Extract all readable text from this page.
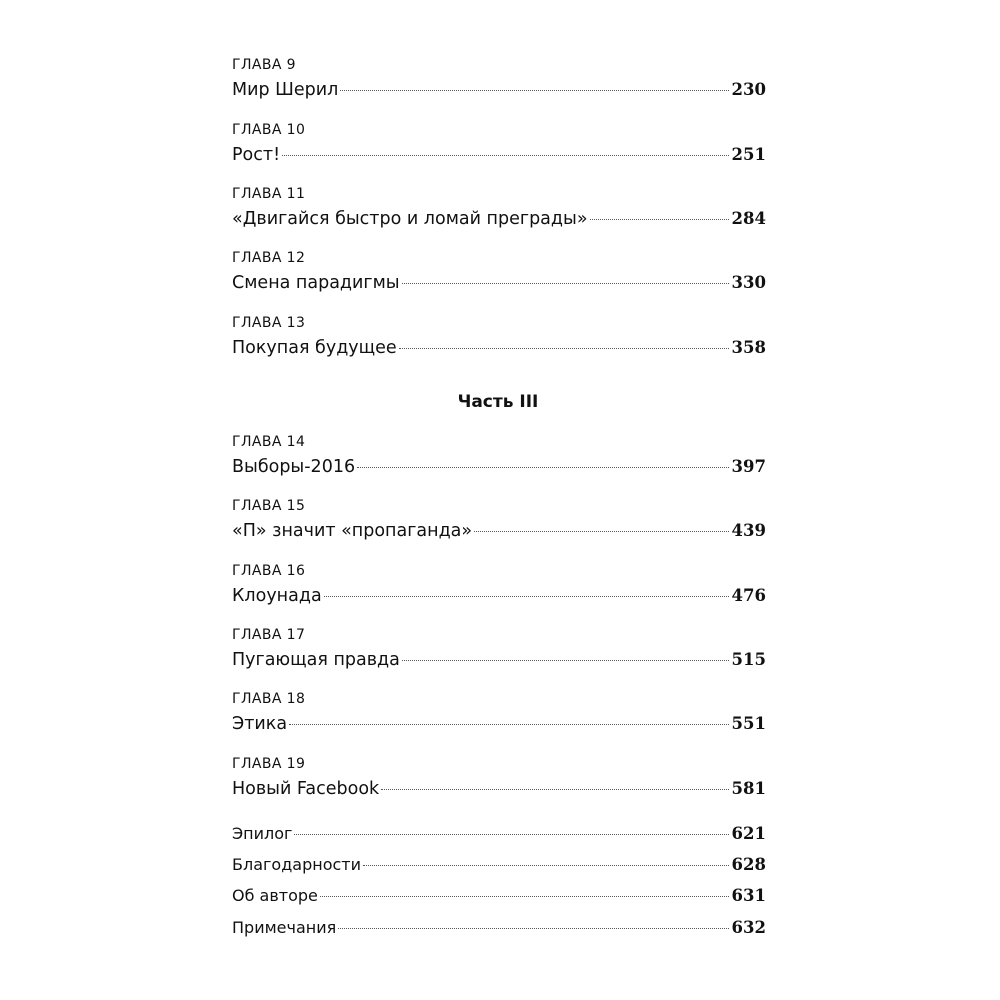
ГЛАВА 9
Мир Шерил	230
ГЛАВА 10
Рост!	251
ГЛАВА 11
«Двигайся быстро и ломай преграды»	284
ГЛАВА 12
Смена парадигмы	330
ГЛАВА 13
Покупая будущее	358
Часть III
ГЛАВА 14
Выборы-2016	397
ГЛАВА 15
«П» значит «пропаганда»	439
ГЛАВА 16
Клоунада	476
ГЛАВА 17
Пугающая правда	515
ГЛАВА 18
Этика	551
ГЛАВА 19
Новый Facebook	581
Эпилог	621
Благодарности	628
Об авторе	631
Примечания	632
